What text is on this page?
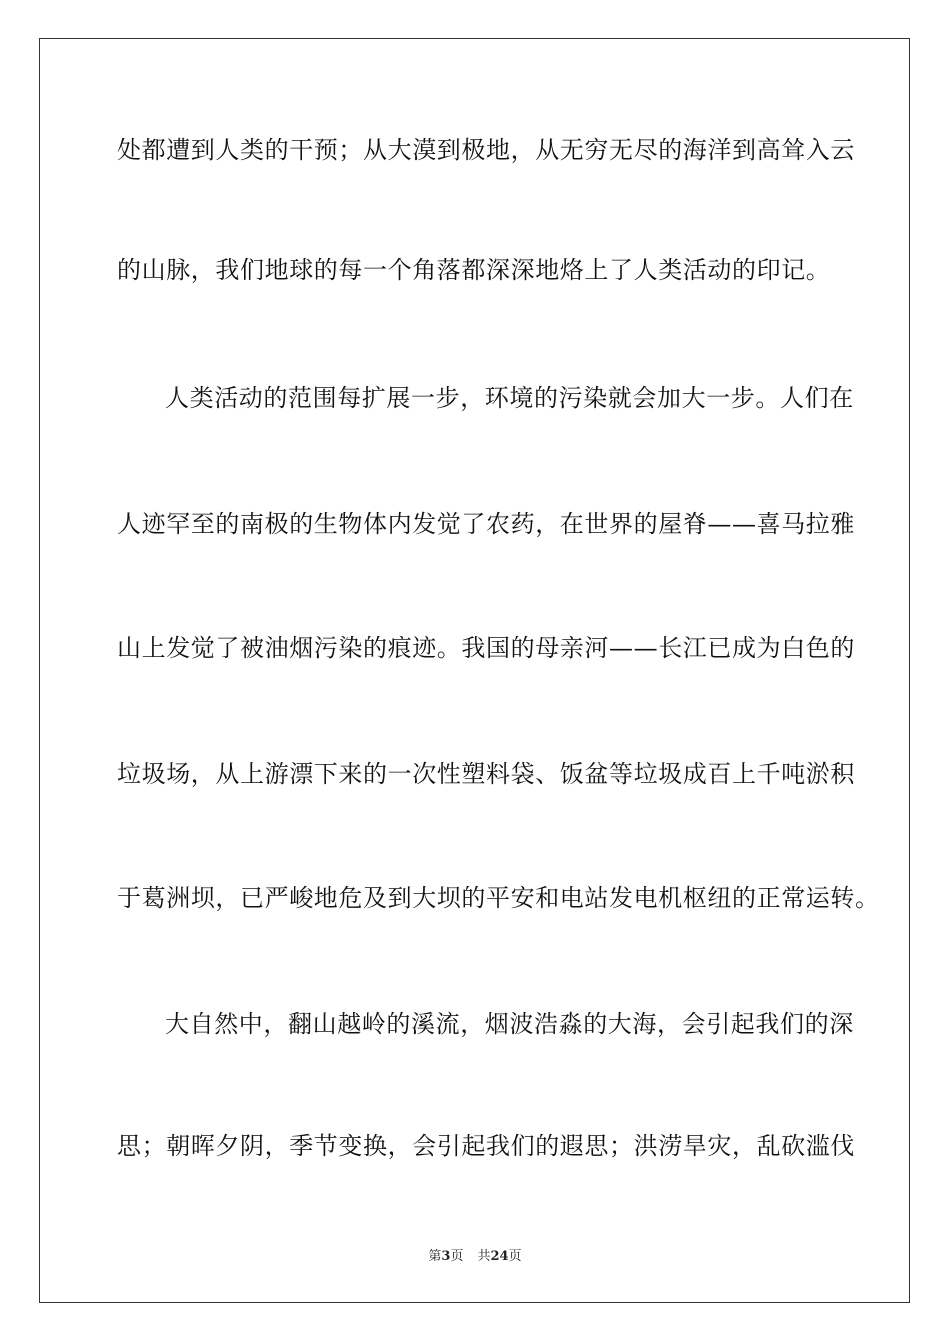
处都遭到人类的干预；从大漠到极地，从无穷无尽的海洋到高耸入云
的山脉，我们地球的每一个角落都深深地烙上了人类活动的印记。
人类活动的范围每扩展一步，环境的污染就会加大一步。人们在
人迹罕至的南极的生物体内发觉了农药，在世界的屋脊——喜马拉雅
山上发觉了被油烟污染的痕迹。我国的母亲河——长江已成为白色的
垃圾场，从上游漂下来的一次性塑料袋、饭盆等垃圾成百上千吨淤积
于葛洲坝，已严峻地危及到大坝的平安和电站发电机枢纽的正常运转。
大自然中，翻山越岭的溪流，烟波浩淼的大海，会引起我们的深
思；朝晖夕阴，季节变换，会引起我们的遐思；洪涝旱灾，乱砍滥伐
第3页 共24页
